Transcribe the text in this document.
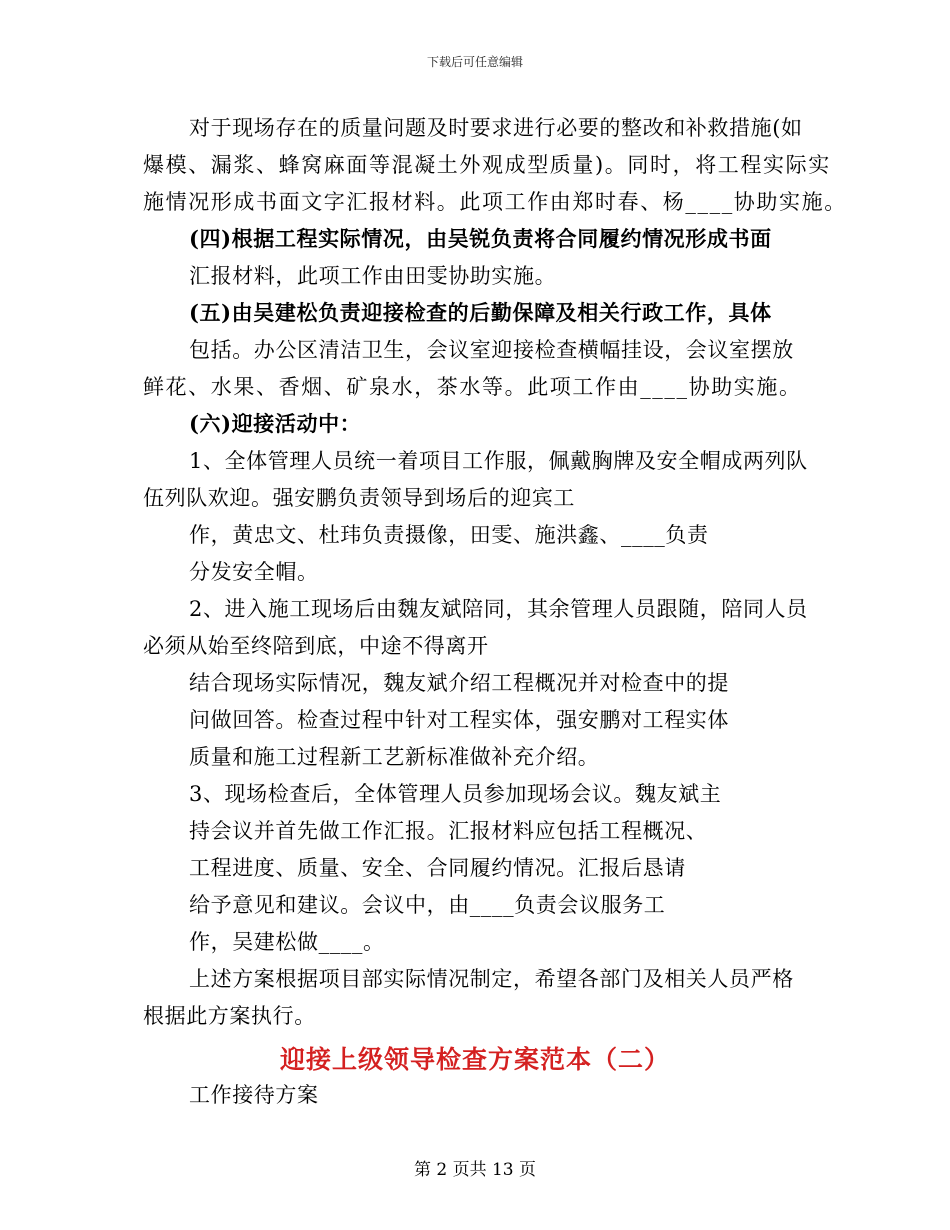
下载后可任意编辑
对于现场存在的质量问题及时要求进行必要的整改和补救措施(如
爆模、漏浆、蜂窝麻面等混凝土外观成型质量)。同时，将工程实际实
施情况形成书面文字汇报材料。此项工作由郑时春、杨____协助实施。
(四)根据工程实际情况，由吴锐负责将合同履约情况形成书面
汇报材料，此项工作由田雯协助实施。
(五)由吴建松负责迎接检查的后勤保障及相关行政工作，具体
包括。办公区清洁卫生，会议室迎接检查横幅挂设，会议室摆放
鲜花、水果、香烟、矿泉水，茶水等。此项工作由____协助实施。
(六)迎接活动中：
1、全体管理人员统一着项目工作服，佩戴胸牌及安全帽成两列队
伍列队欢迎。强安鹏负责领导到场后的迎宾工
作，黄忠文、杜玮负责摄像，田雯、施洪鑫、____负责
分发安全帽。
2、进入施工现场后由魏友斌陪同，其余管理人员跟随，陪同人员
必须从始至终陪到底，中途不得离开
结合现场实际情况，魏友斌介绍工程概况并对检查中的提
问做回答。检查过程中针对工程实体，强安鹏对工程实体
质量和施工过程新工艺新标准做补充介绍。
3、现场检查后，全体管理人员参加现场会议。魏友斌主
持会议并首先做工作汇报。汇报材料应包括工程概况、
工程进度、质量、安全、合同履约情况。汇报后恳请
给予意见和建议。会议中，由____负责会议服务工
作，吴建松做____。
上述方案根据项目部实际情况制定，希望各部门及相关人员严格
根据此方案执行。
迎接上级领导检查方案范本（二）
工作接待方案
第 2 页共 13 页
